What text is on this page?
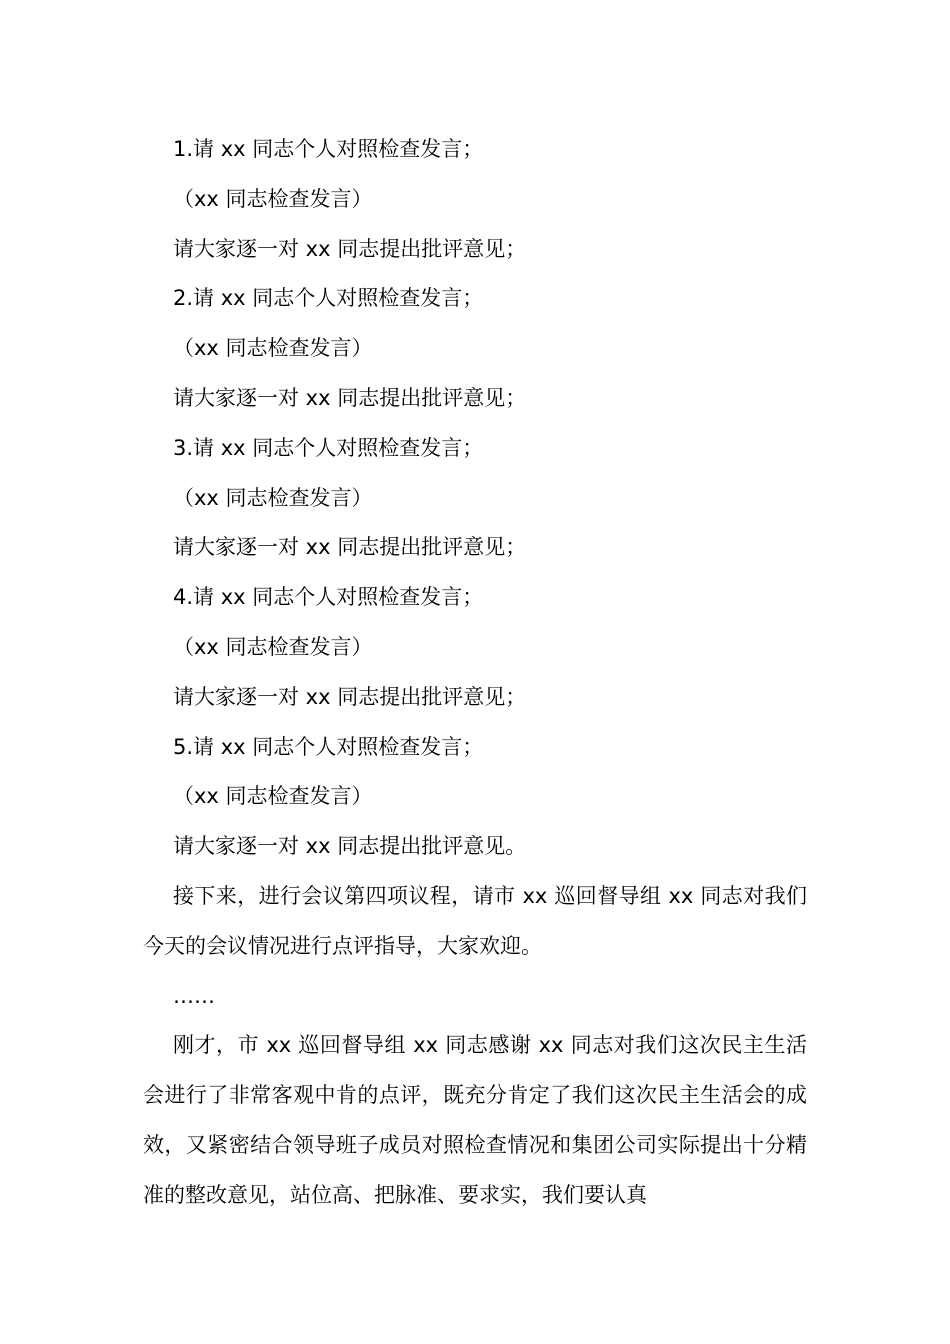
1.请 xx 同志个人对照检查发言；
（xx 同志检查发言）
请大家逐一对 xx 同志提出批评意见；
2.请 xx 同志个人对照检查发言；
（xx 同志检查发言）
请大家逐一对 xx 同志提出批评意见；
3.请 xx 同志个人对照检查发言；
（xx 同志检查发言）
请大家逐一对 xx 同志提出批评意见；
4.请 xx 同志个人对照检查发言；
（xx 同志检查发言）
请大家逐一对 xx 同志提出批评意见；
5.请 xx 同志个人对照检查发言；
（xx 同志检查发言）
请大家逐一对 xx 同志提出批评意见。
接下来，进行会议第四项议程，请市 xx 巡回督导组 xx 同志对我们今天的会议情况进行点评指导，大家欢迎。
……
刚才，市 xx 巡回督导组 xx 同志感谢 xx 同志对我们这次民主生活会进行了非常客观中肯的点评，既充分肯定了我们这次民主生活会的成效，又紧密结合领导班子成员对照检查情况和集团公司实际提出十分精准的整改意见，站位高、把脉准、要求实，我们要认真
